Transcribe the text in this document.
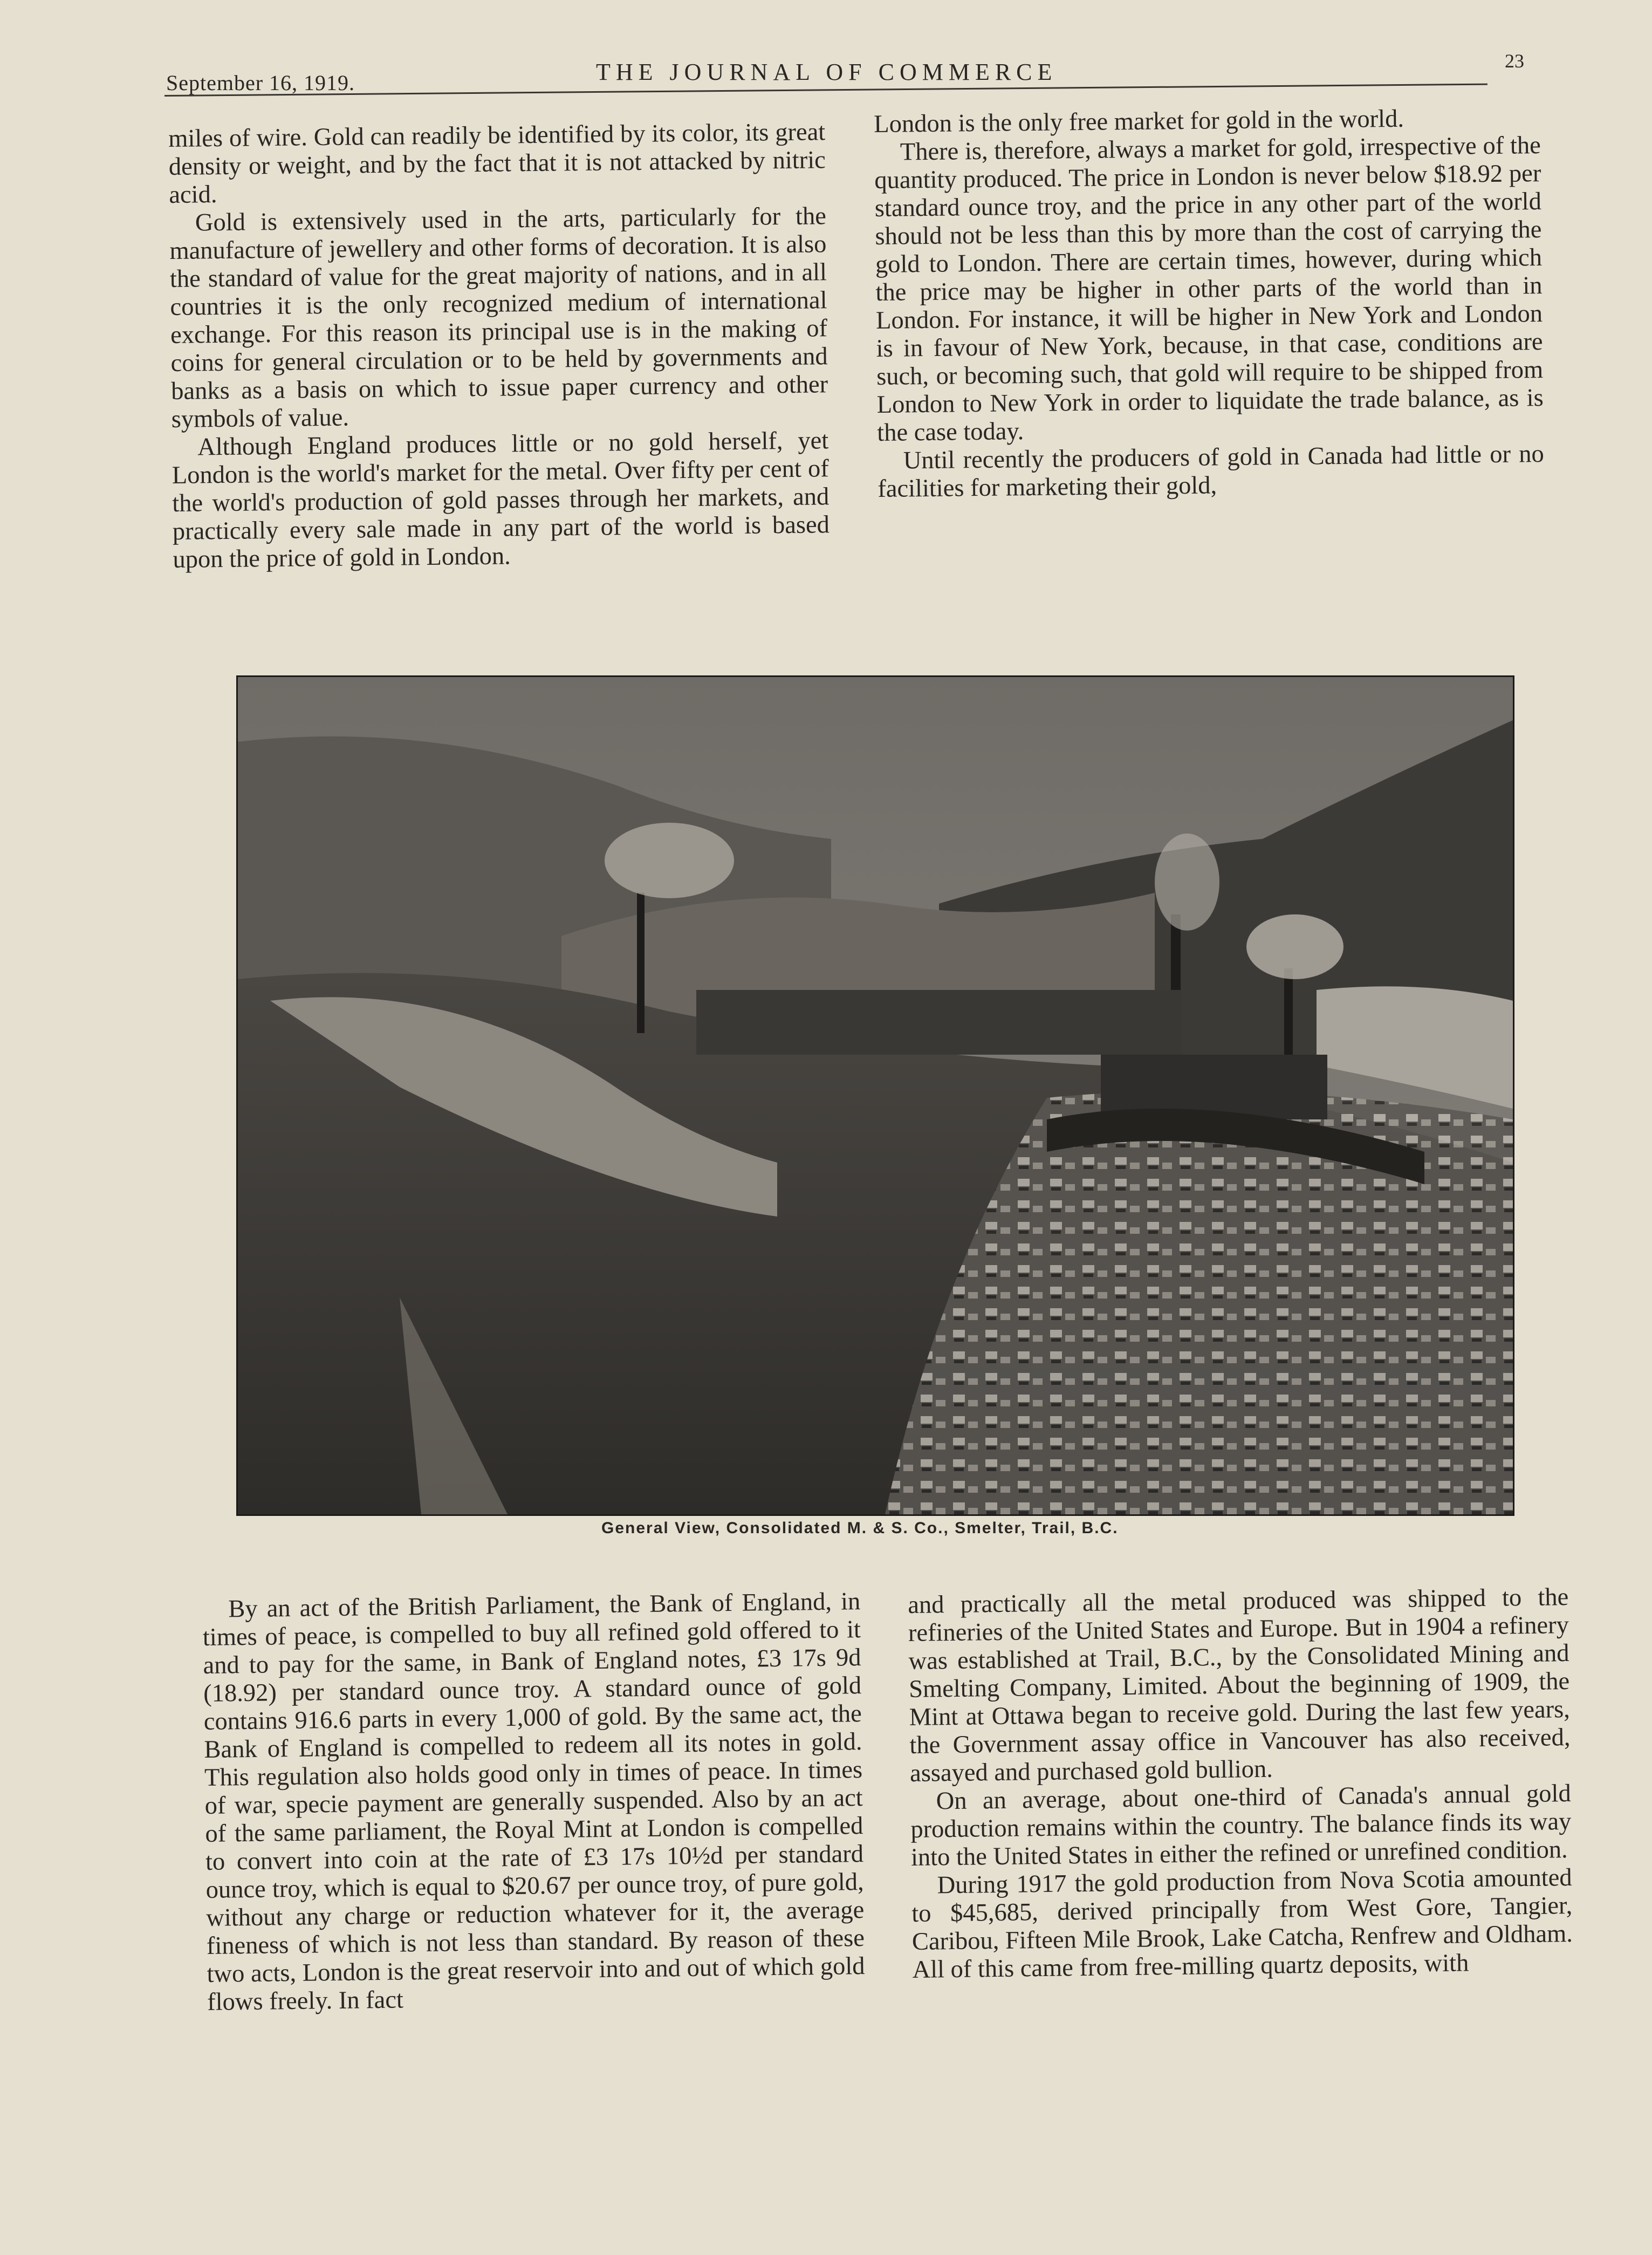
September 16, 1919.	THE JOURNAL OF COMMERCE	23

miles of wire. Gold can readily be identified by its color, its great density or weight, and by the fact that it is not attacked by nitric acid.

Gold is extensively used in the arts, particularly for the manufacture of jewellery and other forms of decoration. It is also the standard of value for the great majority of nations, and in all countries it is the only recognized medium of international exchange. For this reason its principal use is in the making of coins for general circulation or to be held by governments and banks as a basis on which to issue paper currency and other symbols of value.

Although England produces little or no gold herself, yet London is the world's market for the metal. Over fifty per cent of the world's production of gold passes through her markets, and practically every sale made in any part of the world is based upon the price of gold in London.

London is the only free market for gold in the world.

There is, therefore, always a market for gold, irrespective of the quantity produced. The price in London is never below $18.92 per standard ounce troy, and the price in any other part of the world should not be less than this by more than the cost of carrying the gold to London. There are certain times, however, during which the price may be higher in other parts of the world than in London. For instance, it will be higher in New York and London is in favour of New York, because, in that case, conditions are such, or becoming such, that gold will require to be shipped from London to New York in order to liquidate the trade balance, as is the case today.

Until recently the producers of gold in Canada had little or no facilities for marketing their gold,

General View, Consolidated M. & S. Co., Smelter, Trail, B.C.

By an act of the British Parliament, the Bank of England, in times of peace, is compelled to buy all refined gold offered to it and to pay for the same, in Bank of England notes, £3 17s 9d (18.92) per standard ounce troy. A standard ounce of gold contains 916.6 parts in every 1,000 of gold. By the same act, the Bank of England is compelled to redeem all its notes in gold. This regulation also holds good only in times of peace. In times of war, specie payment are generally suspended. Also by an act of the same parliament, the Royal Mint at London is compelled to convert into coin at the rate of £3 17s 10½d per standard ounce troy, which is equal to $20.67 per ounce troy, of pure gold, without any charge or reduction whatever for it, the average fineness of which is not less than standard. By reason of these two acts, London is the great reservoir into and out of which gold flows freely. In fact

and practically all the metal produced was shipped to the refineries of the United States and Europe. But in 1904 a refinery was established at Trail, B.C., by the Consolidated Mining and Smelting Company, Limited. About the beginning of 1909, the Mint at Ottawa began to receive gold. During the last few years, the Government assay office in Vancouver has also received, assayed and purchased gold bullion.

On an average, about one-third of Canada's annual gold production remains within the country. The balance finds its way into the United States in either the refined or unrefined condition.

During 1917 the gold production from Nova Scotia amounted to $45,685, derived principally from West Gore, Tangier, Caribou, Fifteen Mile Brook, Lake Catcha, Renfrew and Oldham. All of this came from free-milling quartz deposits, with
